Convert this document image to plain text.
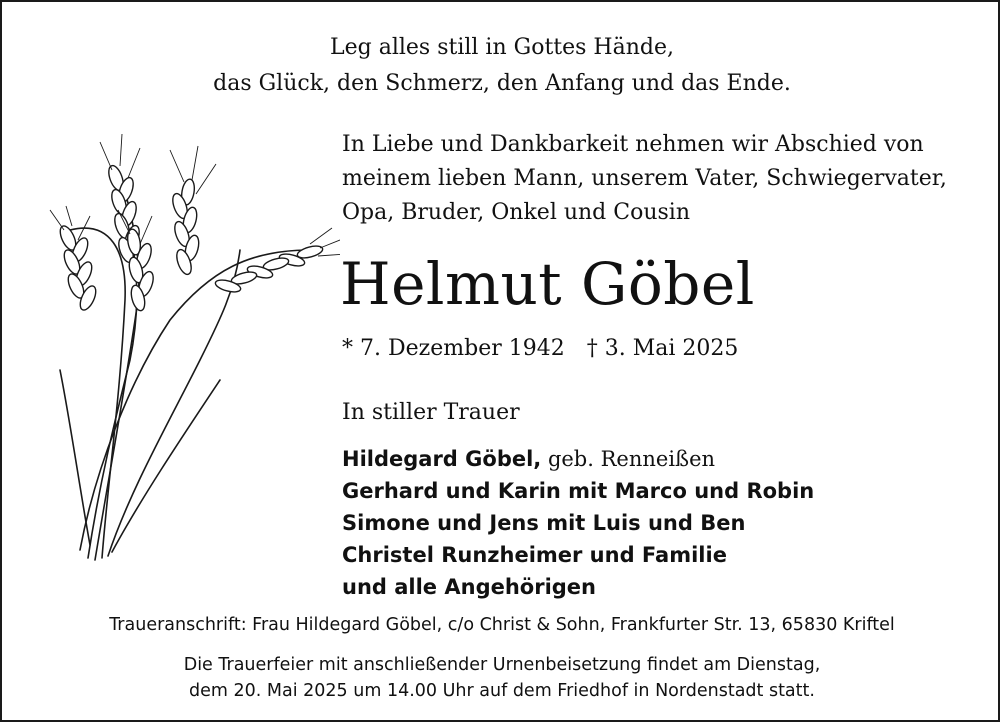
Leg alles still in Gottes Hände,
das Glück, den Schmerz, den Anfang und das Ende.
In Liebe und Dankbarkeit nehmen wir Abschied von
meinem lieben Mann, unserem Vater, Schwiegervater,
Opa, Bruder, Onkel und Cousin
Helmut Göbel
* 7. Dezember 1942 † 3. Mai 2025
In stiller Trauer
Hildegard Göbel, geb. Renneißen
Gerhard und Karin mit Marco und Robin
Simone und Jens mit Luis und Ben
Christel Runzheimer und Familie
und alle Angehörigen
Traueranschrift: Frau Hildegard Göbel, c/o Christ & Sohn, Frankfurter Str. 13, 65830 Kriftel
Die Trauerfeier mit anschließender Urnenbeisetzung findet am Dienstag,
dem 20. Mai 2025 um 14.00 Uhr auf dem Friedhof in Nordenstadt statt.
